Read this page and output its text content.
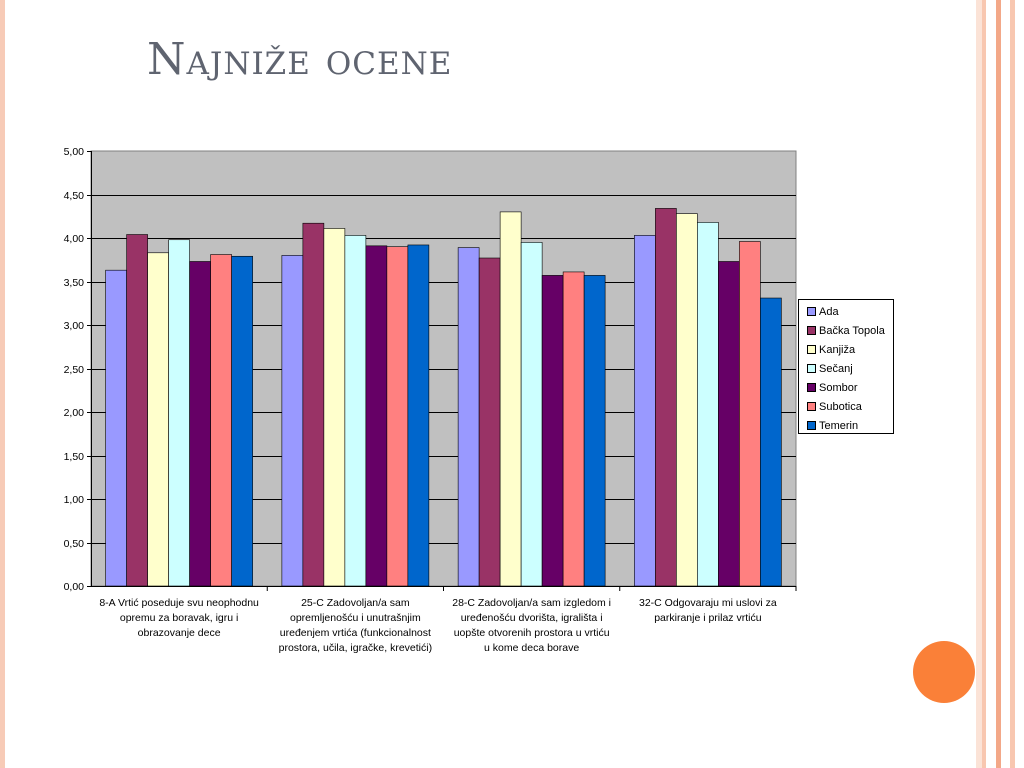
Najniže ocene
0,00
0,50
1,00
1,50
2,00
2,50
3,00
3,50
4,00
4,50
5,00
8-A Vrtić poseduje svu neophodnu
opremu za boravak, igru i
obrazovanje dece
25-C Zadovoljan/a sam
opremljenošću i unutrašnjim
uređenjem vrtića (funkcionalnost
prostora, učila, igračke, krevetići)
28-C Zadovoljan/a sam izgledom i
uređenošću dvorišta, igrališta i
uopšte otvorenih prostora u vrtiću
u kome deca borave
32-C Odgovaraju mi uslovi za
parkiranje i prilaz vrtiću
Ada
Bačka Topola
Kanjiža
Sečanj
Sombor
Subotica
Temerin
